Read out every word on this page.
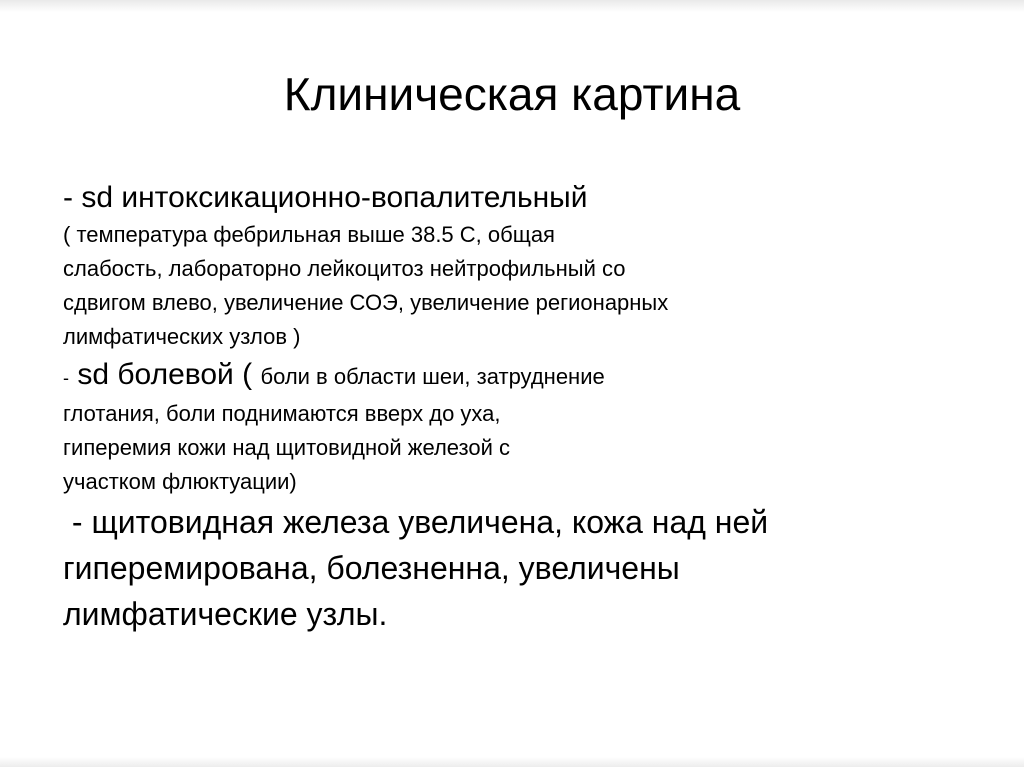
Клиническая картина
- sd интоксикационно-вопалительный
( температура фебрильная выше 38.5 С, общая
слабость, лабораторно лейкоцитоз нейтрофильный со
сдвигом влево, увеличение СОЭ, увеличение регионарных
лимфатических узлов )
- sd болевой ( боли в области шеи, затруднение
глотания, боли поднимаются вверх до уха,
гиперемия кожи над щитовидной железой с
участком флюктуации)
- щитовидная железа увеличена, кожа над ней
гиперемирована, болезненна, увеличены
лимфатические узлы.
